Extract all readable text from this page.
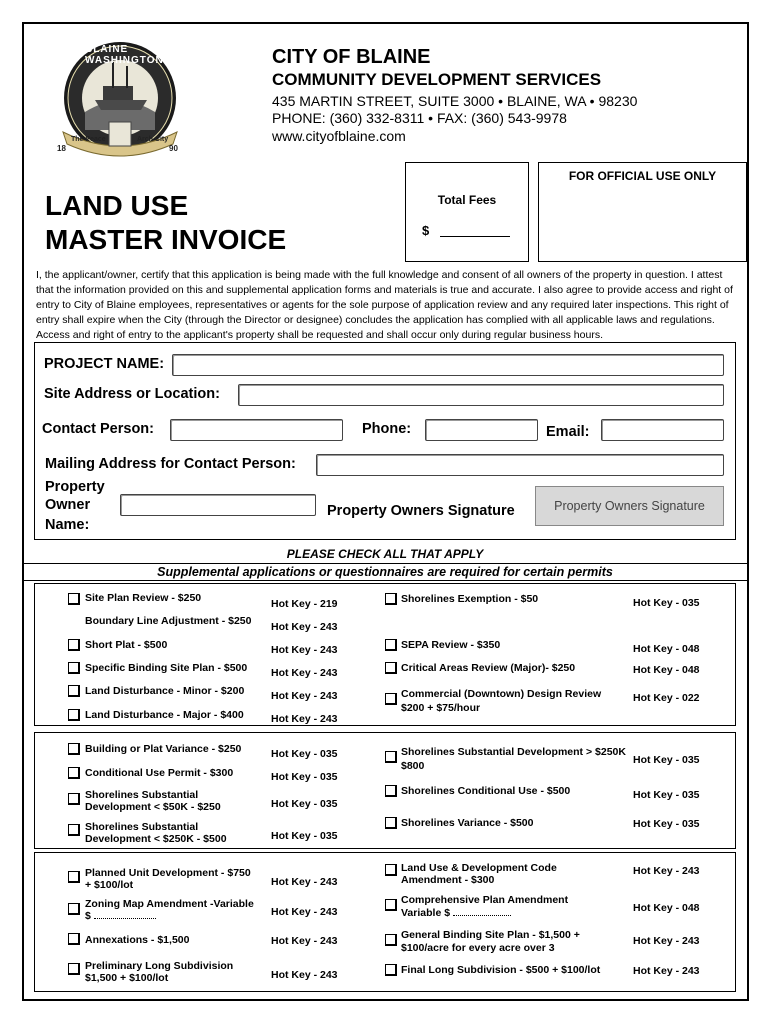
BLAINE WASHINGTON
The Peace	Arch City
18	90
CITY OF BLAINE
COMMUNITY DEVELOPMENT SERVICES
435 MARTIN STREET, SUITE 3000 • BLAINE, WA • 98230
PHONE: (360) 332-8311 • FAX: (360) 543-9978
www.cityofblaine.com
Total Fees
$
FOR OFFICIAL USE ONLY
LAND USE
MASTER INVOICE
I, the applicant/owner, certify that this application is being made with the full knowledge and consent of all owners of the property in question. I attest that the information provided on this and supplemental application forms and materials is true and accurate. I also agree to provide access and right of entry to City of Blaine employees, representatives or agents for the sole purpose of application review and any required later inspections. This right of entry shall expire when the City (through the Director or designee) concludes the application has complied with all applicable laws and regulations. Access and right of entry to the applicant's property shall be requested and shall occur only during regular business hours.
PROJECT NAME:
Site Address or Location:
Contact Person:	Phone:	Email:
Mailing Address for Contact Person:
Property
Owner
Name:
Property Owners Signature	Property Owners Signature
PLEASE CHECK ALL THAT APPLY
Supplemental applications or questionnaires are required for certain permits
Site Plan Review - $250	Hot Key - 219
Boundary Line Adjustment - $250 Hot Key - 243
Short Plat - $500	Hot Key - 243
Specific Binding Site Plan - $500 Hot Key - 243
Land Disturbance - Minor - $200	Hot Key - 243
Land Disturbance - Major - $400	Hot Key - 243
Building or Plat Variance - $250	Hot Key - 035
Conditional Use Permit - $300	Hot Key - 035
Shorelines Substantial
Development < $50K - $250	Hot Key - 035
Shorelines Substantial
Development < $250K - $500	Hot Key - 035
Planned Unit Development - $750
+ $100/lot	Hot Key - 243
Zoning Map Amendment -Variable
$	Hot Key - 243
Annexations - $1,500	Hot Key - 243
Preliminary Long Subdivision
$1,500 + $100/lot	Hot Key - 243
Shorelines Exemption - $50	Hot Key - 035
SEPA Review - $350	Hot Key - 048
Critical Areas Review (Major)- $250	Hot Key - 048
Commercial (Downtown) Design Review
$200 + $75/hour
Hot Key - 022
Shorelines Substantial Development > $250K
$800	Hot Key - 035
Shorelines Conditional Use - $500	Hot Key - 035
Shorelines Variance - $500	Hot Key - 035
Land Use & Development Code
Amendment - $300
Hot Key - 243
Comprehensive Plan Amendment
Variable $	Hot Key - 048
General Binding Site Plan - $1,500 +
$100/acre for every acre over 3
Hot Key - 243
Final Long Subdivision - $500 + $100/lot	Hot Key - 243
